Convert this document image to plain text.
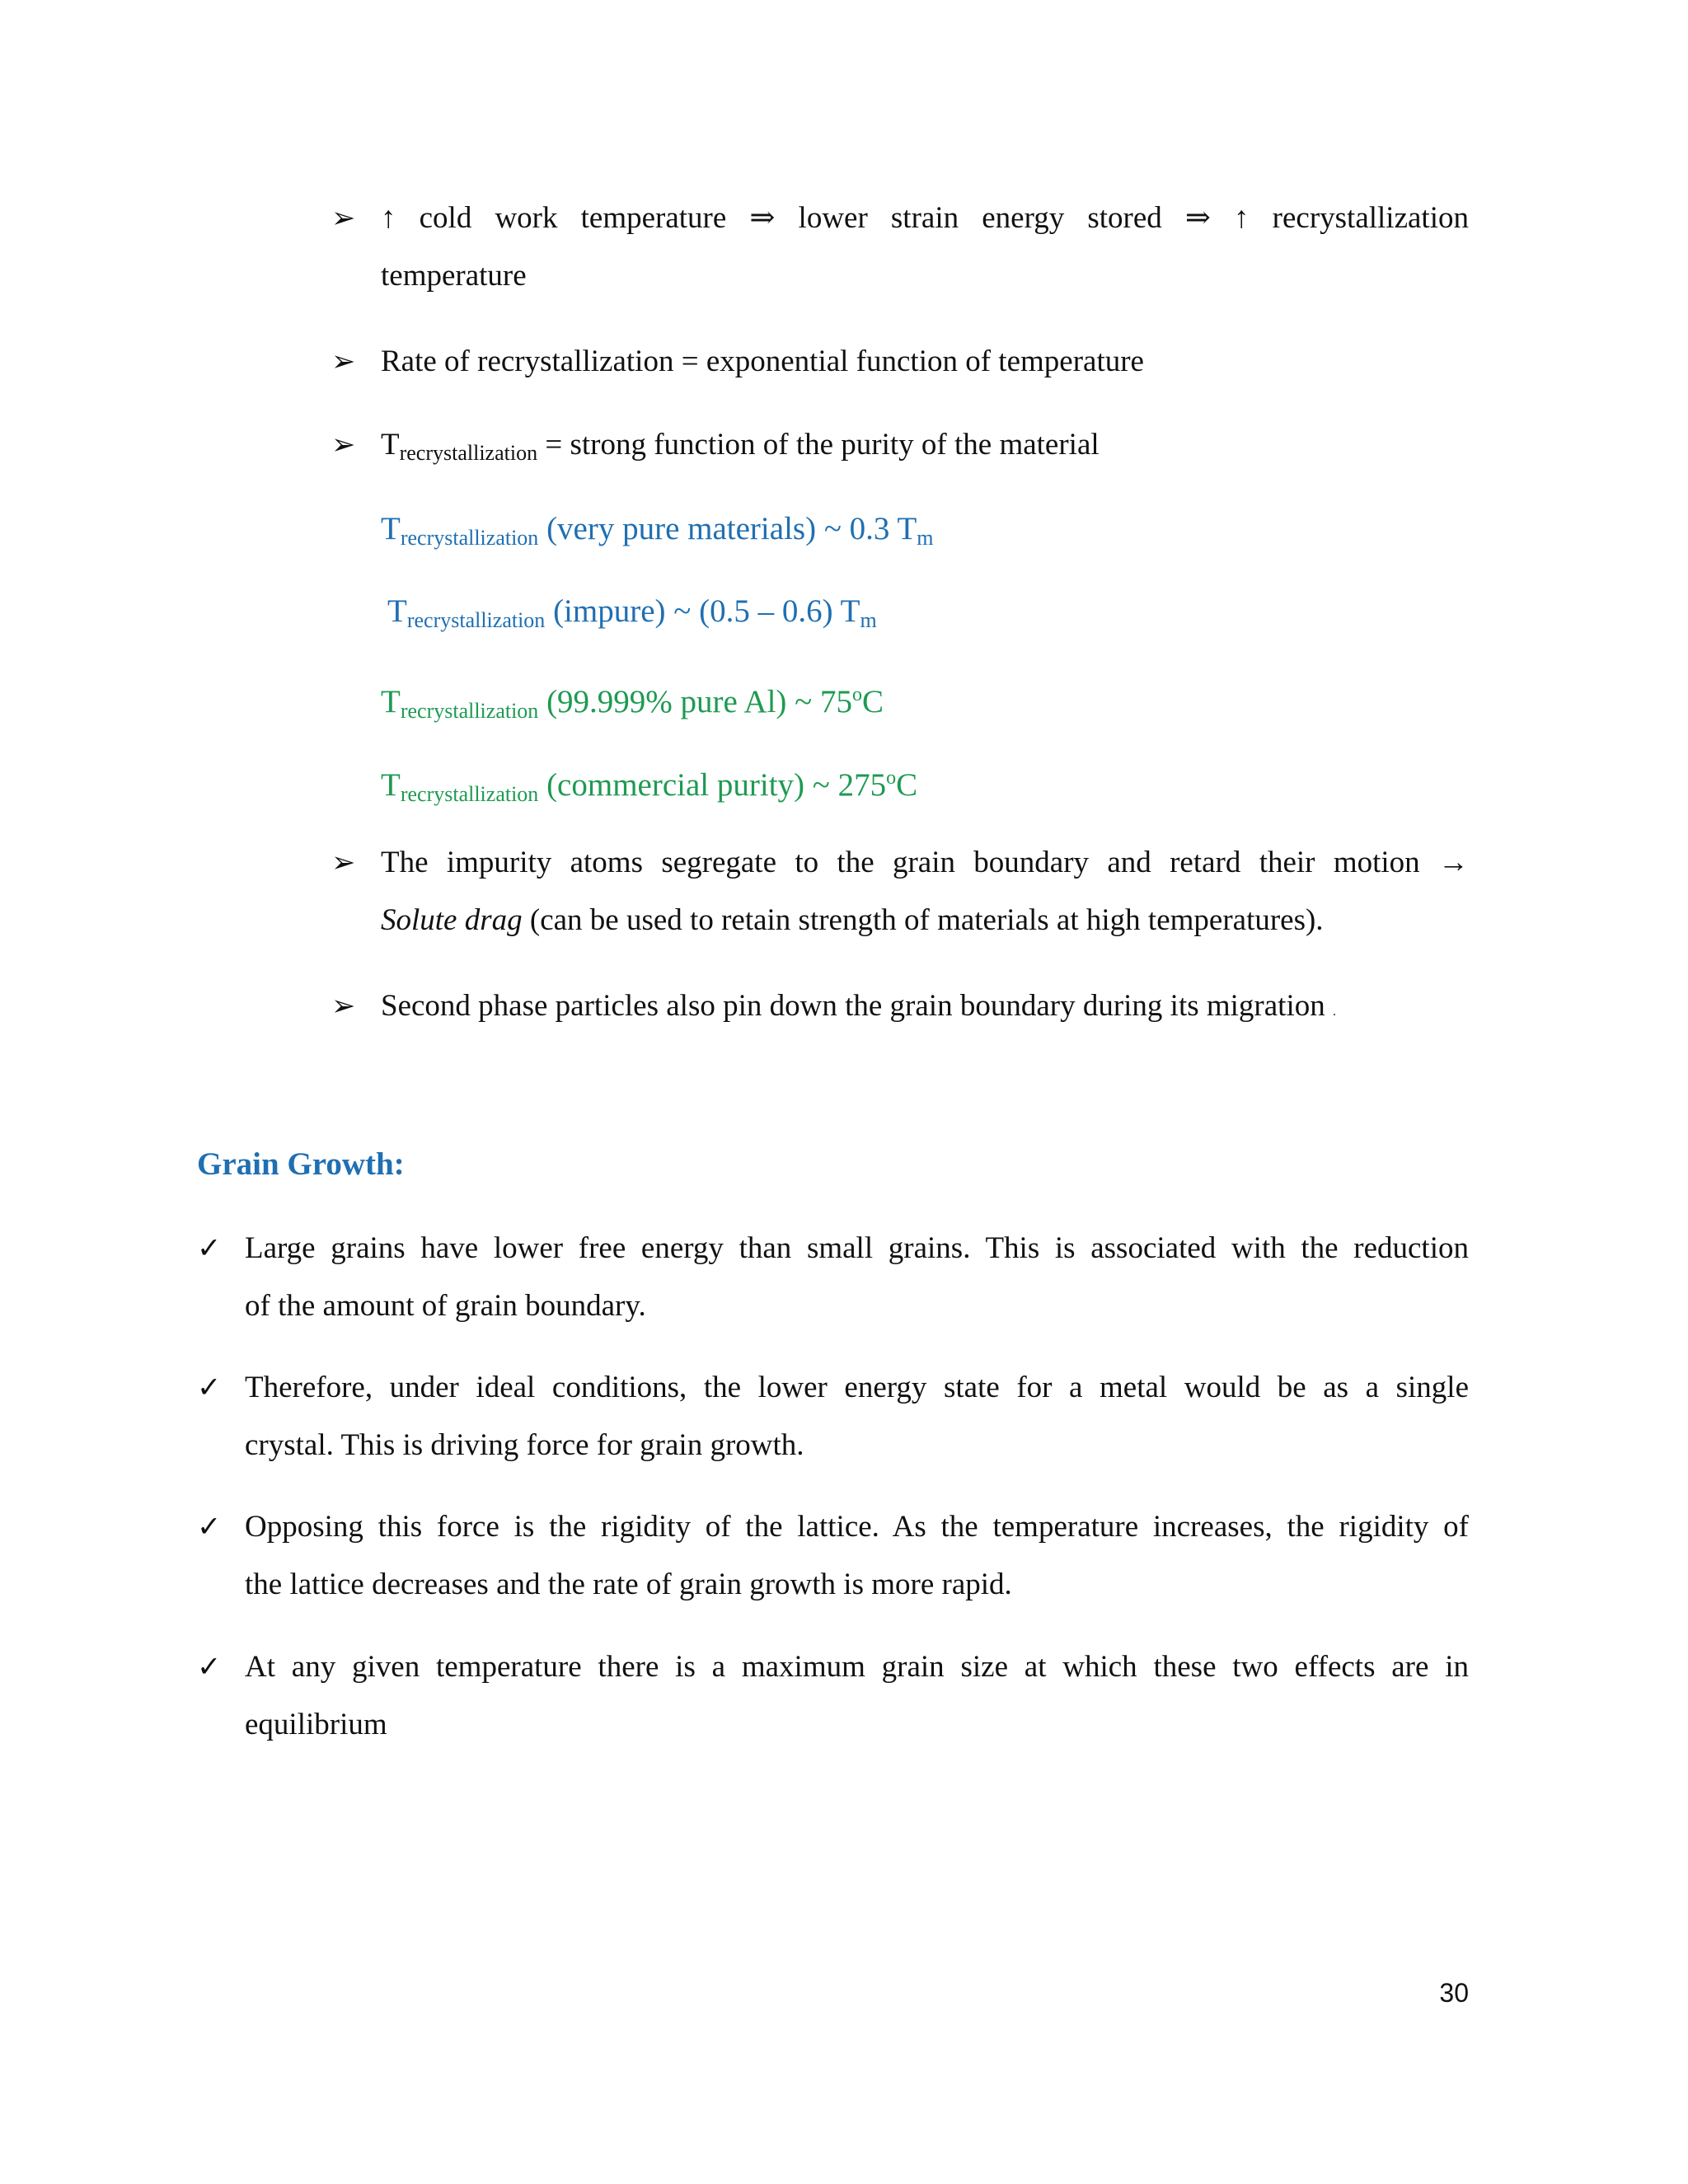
➢ ↑ cold work temperature ⇒ lower strain energy stored ⇒ ↑ recrystallization
temperature
➢ Rate of recrystallization = exponential function of temperature
➢ $T_{recrystallization}$ = strong function of the purity of the material
➢ The impurity atoms segregate to the grain boundary and retard their motion →
Solute drag (can be used to retain strength of materials at high temperatures).
➢ Second phase particles also pin down the grain boundary during its migration .
$T_{recrystallization}$ (very pure materials) ~ 0.3 $T_m$
$T_{recrystallization}$ (impure) ~ (0.5 – 0.6) $T_m$
$T_{recrystallization}$ (99.999% pure Al) ~ 75$^o$C
$T_{recrystallization}$ (commercial purity) ~ 275$^o$C
Grain Growth:
✓ Large grains have lower free energy than small grains. This is associated with the reduction
of the amount of grain boundary.
✓ Therefore, under ideal conditions, the lower energy state for a metal would be as a single
crystal. This is driving force for grain growth.
✓ Opposing this force is the rigidity of the lattice. As the temperature increases, the rigidity of
the lattice decreases and the rate of grain growth is more rapid.
✓ At any given temperature there is a maximum grain size at which these two effects are in
equilibrium
30
